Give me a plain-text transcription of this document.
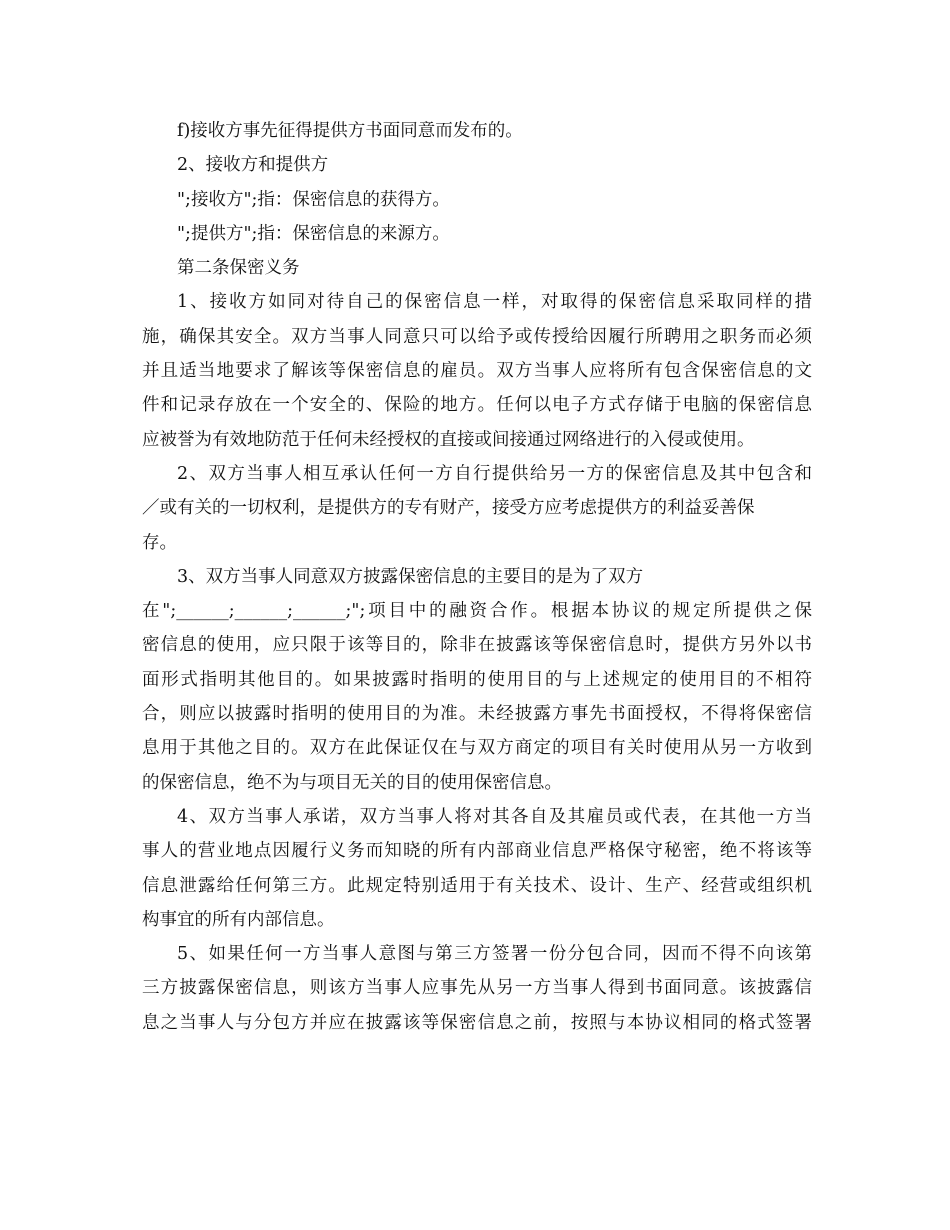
f)接收方事先征得提供方书面同意而发布的。
2、接收方和提供方
";接收方";指：保密信息的获得方。
";提供方";指：保密信息的来源方。
第二条保密义务
1、接收方如同对待自己的保密信息一样，对取得的保密信息采取同样的措
施，确保其安全。双方当事人同意只可以给予或传授给因履行所聘用之职务而必须
并且适当地要求了解该等保密信息的雇员。双方当事人应将所有包含保密信息的文
件和记录存放在一个安全的、保险的地方。任何以电子方式存储于电脑的保密信息
应被誉为有效地防范于任何未经授权的直接或间接通过网络进行的入侵或使用。
2、双方当事人相互承认任何一方自行提供给另一方的保密信息及其中包含和
／或有关的一切权利，是提供方的专有财产，接受方应考虑提供方的利益妥善保
存。
3、双方当事人同意双方披露保密信息的主要目的是为了双方
在";______;______;______;";项目中的融资合作。根据本协议的规定所提供之保
密信息的使用，应只限于该等目的，除非在披露该等保密信息时，提供方另外以书
面形式指明其他目的。如果披露时指明的使用目的与上述规定的使用目的不相符
合，则应以披露时指明的使用目的为准。未经披露方事先书面授权，不得将保密信
息用于其他之目的。双方在此保证仅在与双方商定的项目有关时使用从另一方收到
的保密信息，绝不为与项目无关的目的使用保密信息。
4、双方当事人承诺，双方当事人将对其各自及其雇员或代表，在其他一方当
事人的营业地点因履行义务而知晓的所有内部商业信息严格保守秘密，绝不将该等
信息泄露给任何第三方。此规定特别适用于有关技术、设计、生产、经营或组织机
构事宜的所有内部信息。
5、如果任何一方当事人意图与第三方签署一份分包合同，因而不得不向该第
三方披露保密信息，则该方当事人应事先从另一方当事人得到书面同意。该披露信
息之当事人与分包方并应在披露该等保密信息之前，按照与本协议相同的格式签署
